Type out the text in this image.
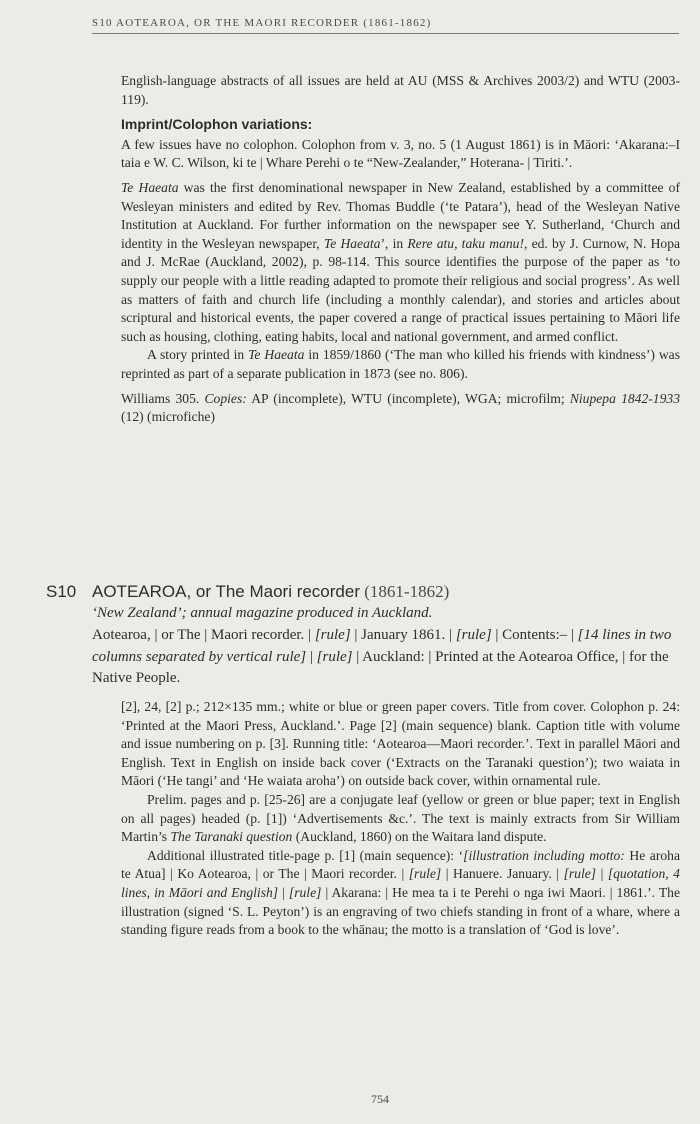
S10 AOTEAROA, OR THE MAORI RECORDER (1861-1862)

English-language abstracts of all issues are held at AU (MSS & Archives 2003/2) and WTU (2003-119).

Imprint/Colophon variations:

A few issues have no colophon. Colophon from v. 3, no. 5 (1 August 1861) is in Māori: ‘Akarana:–I taia e W. C. Wilson, ki te | Whare Perehi o te “New-Zealander,” Hoterana- | Tiriti.’.

Te Haeata was the first denominational newspaper in New Zealand, established by a committee of Wesleyan ministers and edited by Rev. Thomas Buddle (‘te Patara’), head of the Wesleyan Native Institution at Auckland. For further information on the newspaper see Y. Sutherland, ‘Church and identity in the Wesleyan newspaper, Te Haeata’, in Rere atu, taku manu!, ed. by J. Curnow, N. Hopa and J. McRae (Auckland, 2002), p. 98-114. This source identifies the purpose of the paper as ‘to supply our people with a little reading adapted to promote their religious and social progress’. As well as matters of faith and church life (including a monthly calendar), and stories and articles about scriptural and historical events, the paper covered a range of practical issues pertaining to Māori life such as housing, clothing, eating habits, local and national government, and armed conflict.

A story printed in Te Haeata in 1859/1860 (‘The man who killed his friends with kindness’) was reprinted as part of a separate publication in 1873 (see no. 806).

Williams 305. Copies: AP (incomplete), WTU (incomplete), WGA; microfilm; Niupepa 1842-1933 (12) (microfiche)

S10 AOTEAROA, or The Maori recorder (1861-1862)
‘New Zealand’; annual magazine produced in Auckland.
Aotearoa, | or The | Maori recorder. | [rule] | January 1861. | [rule] | Contents:– | [14 lines in two columns separated by vertical rule] | [rule] | Auckland: | Printed at the Aotearoa Office, | for the Native People.

[2], 24, [2] p.; 212×135 mm.; white or blue or green paper covers. Title from cover. Colophon p. 24: ‘Printed at the Maori Press, Auckland.’. Page [2] (main sequence) blank. Caption title with volume and issue numbering on p. [3]. Running title: ‘Aotearoa—Maori recorder.’. Text in parallel Māori and English. Text in English on inside back cover (‘Extracts on the Taranaki question’); two waiata in Māori (‘He tangi’ and ‘He waiata aroha’) on outside back cover, within ornamental rule.

Prelim. pages and p. [25-26] are a conjugate leaf (yellow or green or blue paper; text in English on all pages) headed (p. [1]) ‘Advertisements &c.’. The text is mainly extracts from Sir William Martin’s The Taranaki question (Auckland, 1860) on the Waitara land dispute.

Additional illustrated title-page p. [1] (main sequence): ‘[illustration including motto: He aroha te Atua] | Ko Aotearoa, | or The | Maori recorder. | [rule] | Hanuere. January. | [rule] | [quotation, 4 lines, in Māori and English] | [rule] | Akarana: | He mea ta i te Perehi o nga iwi Maori. | 1861.’. The illustration (signed ‘S. L. Peyton’) is an engraving of two chiefs standing in front of a whare, where a standing figure reads from a book to the whānau; the motto is a translation of ‘God is love’.

754
